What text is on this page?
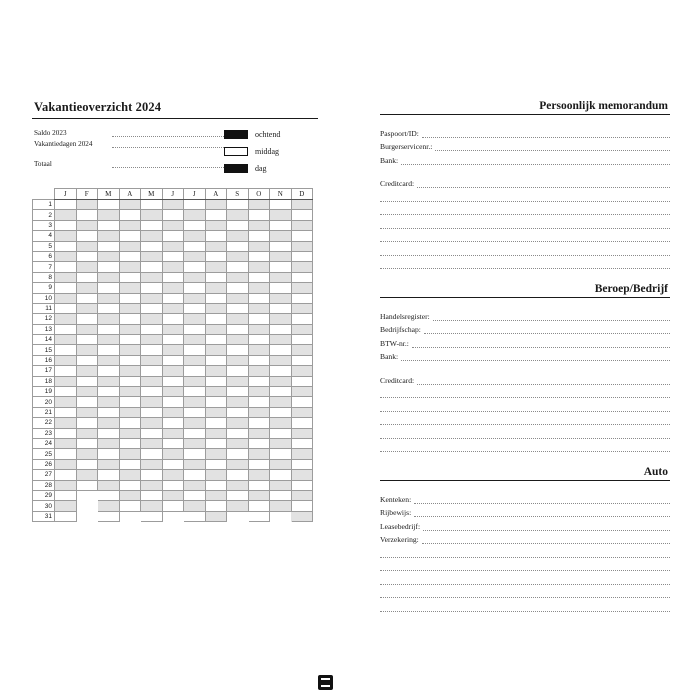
Vakantieoverzicht 2024
Saldo 2023
Vakantiedagen 2024
Totaal
ochtend
middag
dag
	J	F	M	A	M	J	J	A	S	O	N	D
1												
2												
3												
4												
5												
6												
7												
8												
9												
10												
11												
12												
13												
14												
15												
16												
17												
18												
19												
20												
21												
22												
23												
24												
25												
26												
27												
28												
29												
30												
31												
Persoonlijk memorandum
Paspoort/ID:
Burgerservicenr.:
Bank:
Creditcard:
Beroep/Bedrijf
Handelsregister:
Bedrijfschap:
BTW-nr.:
Bank:
Creditcard:
Auto
Kenteken:
Rijbewijs:
Leasebedrijf:
Verzekering:
